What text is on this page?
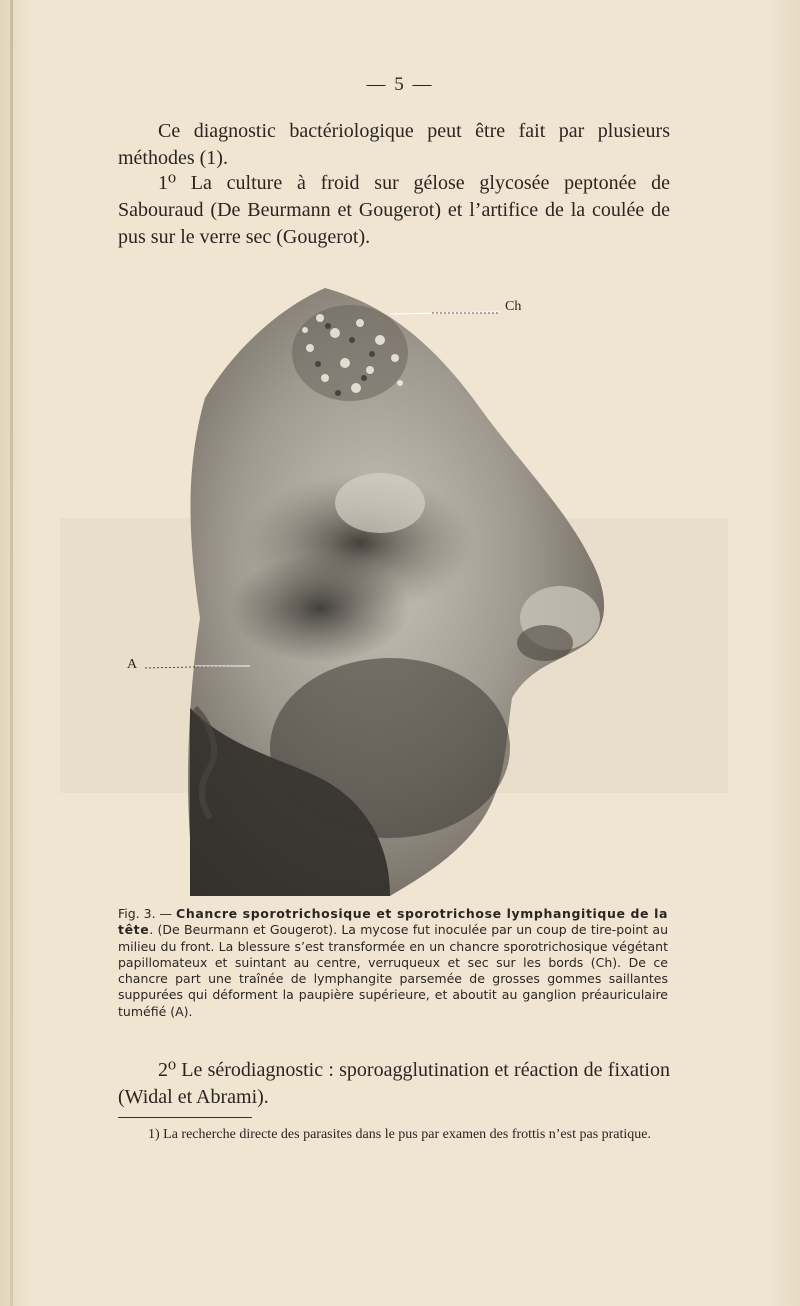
— 5 —

Ce diagnostic bactériologique peut être fait par plusieurs méthodes (1).

1⁰ La culture à froid sur gélose glycosée peptonée de Sabouraud (De Beurmann et Gougerot) et l’artifice de la coulée de pus sur le verre sec (Gougerot).

Ch
A
Fig. 3. — Chancre sporotrichosique et sporotrichose lymphangitique de la tête. (De Beurmann et Gougerot). La mycose fut inoculée par un coup de tire-point au milieu du front. La blessure s’est transformée en un chancre sporotrichosique végétant papillomateux et suintant au centre, verruqueux et sec sur les bords (Ch). De ce chancre part une traînée de lymphangite parsemée de grosses gommes saillantes suppurées qui déforment la paupière supérieure, et aboutit au ganglion préauriculaire tuméfié (A).

2⁰ Le sérodiagnostic : sporoagglutination et réaction de fixation (Widal et Abrami).

1) La recherche directe des parasites dans le pus par examen des frottis n’est pas pratique.
